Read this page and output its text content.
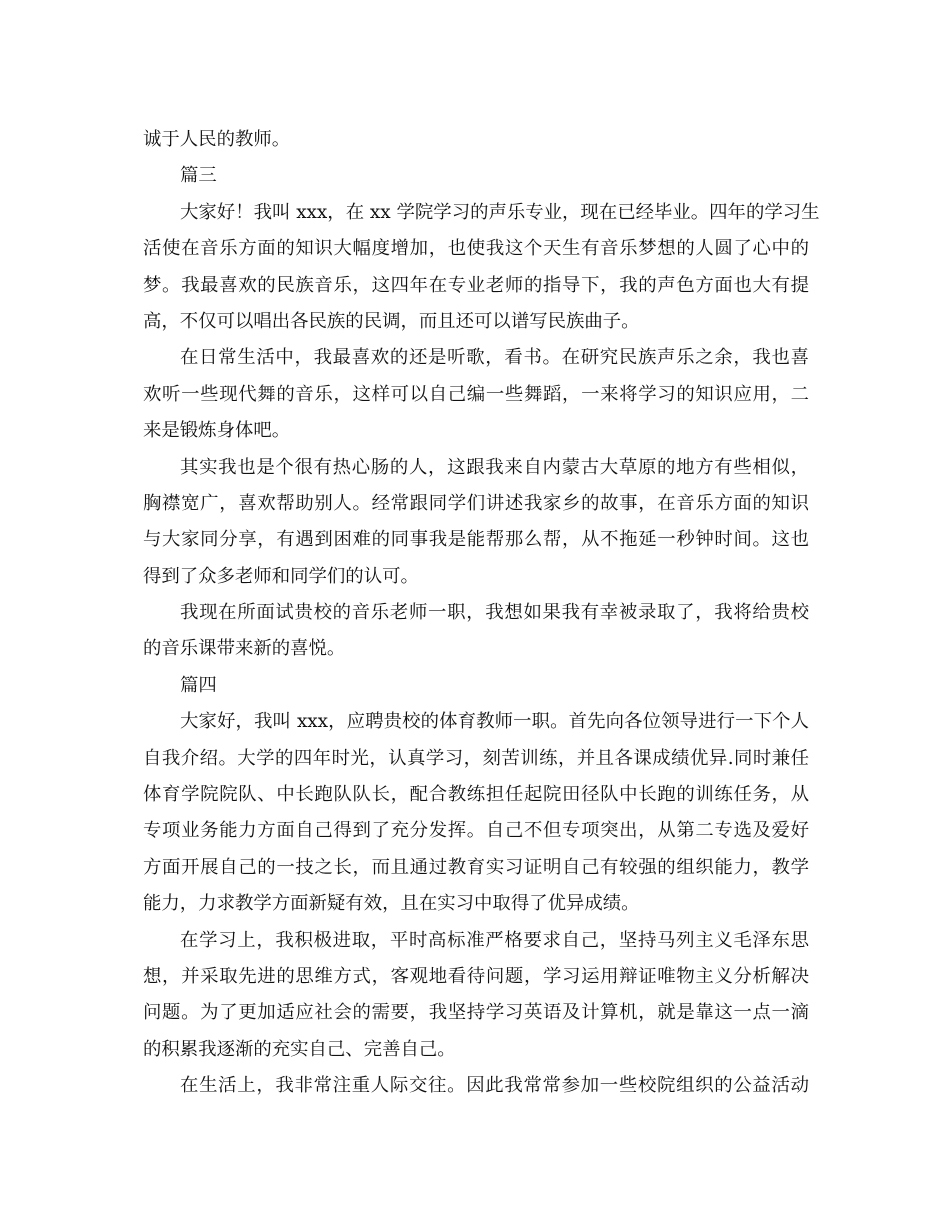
诚于人民的教师。
篇三
大家好！我叫 xxx，在 xx 学院学习的声乐专业，现在已经毕业。四年的学习生
活使在音乐方面的知识大幅度增加，也使我这个天生有音乐梦想的人圆了心中的
梦。我最喜欢的民族音乐，这四年在专业老师的指导下，我的声色方面也大有提
高，不仅可以唱出各民族的民调，而且还可以谱写民族曲子。
在日常生活中，我最喜欢的还是听歌，看书。在研究民族声乐之余，我也喜
欢听一些现代舞的音乐，这样可以自己编一些舞蹈，一来将学习的知识应用，二
来是锻炼身体吧。
其实我也是个很有热心肠的人，这跟我来自内蒙古大草原的地方有些相似，
胸襟宽广，喜欢帮助别人。经常跟同学们讲述我家乡的故事，在音乐方面的知识
与大家同分享，有遇到困难的同事我是能帮那么帮，从不拖延一秒钟时间。这也
得到了众多老师和同学们的认可。
我现在所面试贵校的音乐老师一职，我想如果我有幸被录取了，我将给贵校
的音乐课带来新的喜悦。
篇四
大家好，我叫 xxx，应聘贵校的体育教师一职。首先向各位领导进行一下个人
自我介绍。大学的四年时光，认真学习，刻苦训练，并且各课成绩优异.同时兼任
体育学院院队、中长跑队队长，配合教练担任起院田径队中长跑的训练任务，从
专项业务能力方面自己得到了充分发挥。自己不但专项突出，从第二专选及爱好
方面开展自己的一技之长，而且通过教育实习证明自己有较强的组织能力，教学
能力，力求教学方面新疑有效，且在实习中取得了优异成绩。
在学习上，我积极进取，平时高标准严格要求自己，坚持马列主义毛泽东思
想，并采取先进的思维方式，客观地看待问题，学习运用辩证唯物主义分析解决
问题。为了更加适应社会的需要，我坚持学习英语及计算机，就是靠这一点一滴
的积累我逐渐的充实自己、完善自己。
在生活上，我非常注重人际交往。因此我常常参加一些校院组织的公益活动
